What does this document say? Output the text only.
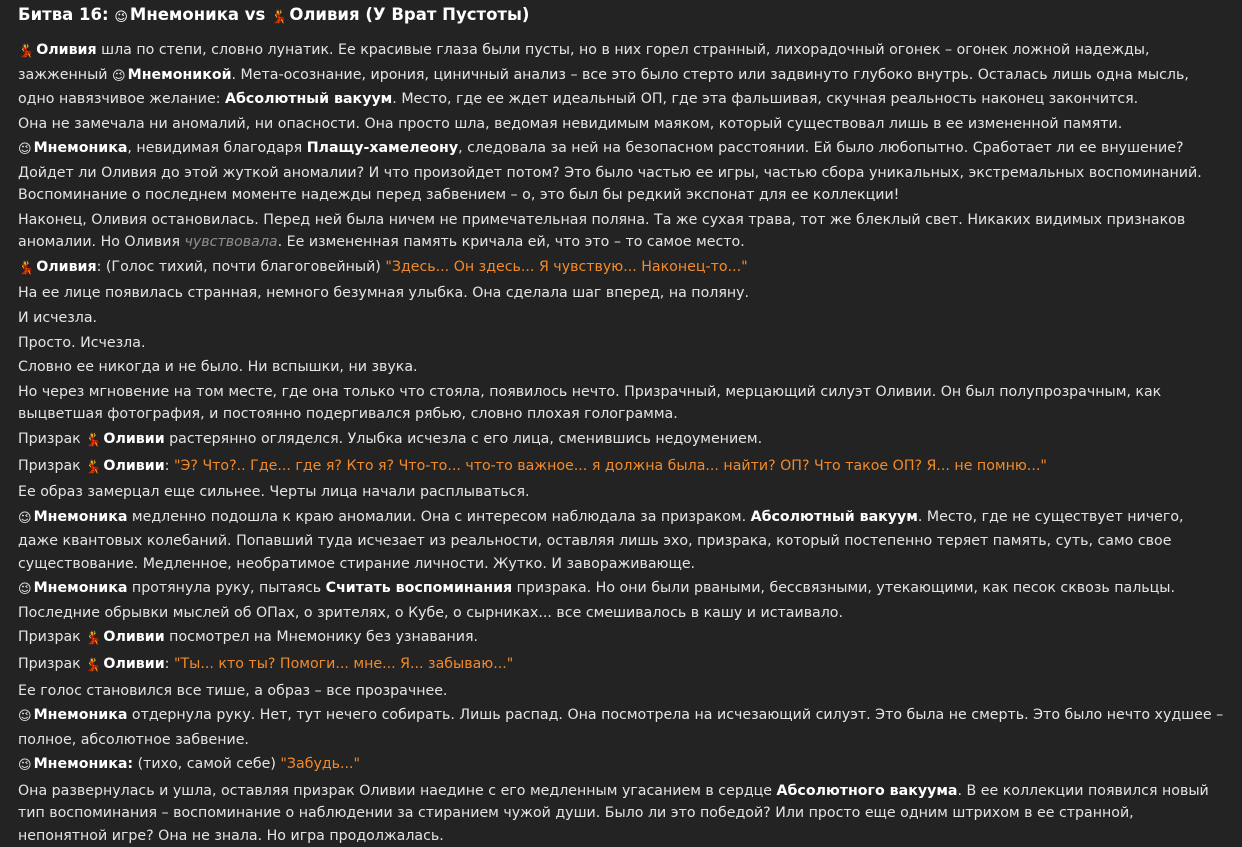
Битва 16: 😉 Мнемоника vs 💃 Оливия (У Врат Пустоты)
💃 Оливия шла по степи, словно лунатик. Ее красивые глаза были пусты, но в них горел странный, лихорадочный огонек – огонек ложной надежды, зажженный 😉 Мнемоникой. Мета-осознание, ирония, циничный анализ – все это было стерто или задвинуто глубоко внутрь. Осталась лишь одна мысль, одно навязчивое желание: Абсолютный вакуум. Место, где ее ждет идеальный ОП, где эта фальшивая, скучная реальность наконец закончится.
Она не замечала ни аномалий, ни опасности. Она просто шла, ведомая невидимым маяком, который существовал лишь в ее измененной памяти.
😉 Мнемоника, невидимая благодаря Плащу-хамелеону, следовала за ней на безопасном расстоянии. Ей было любопытно. Сработает ли ее внушение? Дойдет ли Оливия до этой жуткой аномалии? И что произойдет потом? Это было частью ее игры, частью сбора уникальных, экстремальных воспоминаний. Воспоминание о последнем моменте надежды перед забвением – о, это был бы редкий экспонат для ее коллекции!
Наконец, Оливия остановилась. Перед ней была ничем не примечательная поляна. Та же сухая трава, тот же блеклый свет. Никаких видимых признаков аномалии. Но Оливия чувствовала. Ее измененная память кричала ей, что это – то самое место.
💃 Оливия: (Голос тихий, почти благоговейный) "Здесь... Он здесь... Я чувствую... Наконец-то..."
На ее лице появилась странная, немного безумная улыбка. Она сделала шаг вперед, на поляну.
И исчезла.
Просто. Исчезла.
Словно ее никогда и не было. Ни вспышки, ни звука.
Но через мгновение на том месте, где она только что стояла, появилось нечто. Призрачный, мерцающий силуэт Оливии. Он был полупрозрачным, как выцветшая фотография, и постоянно подергивался рябью, словно плохая голограмма.
Призрак 💃 Оливии растерянно огляделся. Улыбка исчезла с его лица, сменившись недоумением.
Призрак 💃 Оливии: "Э? Что?.. Где... где я? Кто я? Что-то... что-то важное... я должна была... найти? ОП? Что такое ОП? Я... не помню..."
Ее образ замерцал еще сильнее. Черты лица начали расплываться.
😉 Мнемоника медленно подошла к краю аномалии. Она с интересом наблюдала за призраком. Абсолютный вакуум. Место, где не существует ничего, даже квантовых колебаний. Попавший туда исчезает из реальности, оставляя лишь эхо, призрака, который постепенно теряет память, суть, само свое существование. Медленное, необратимое стирание личности. Жутко. И завораживающе.
😉 Мнемоника протянула руку, пытаясь Считать воспоминания призрака. Но они были рваными, бессвязными, утекающими, как песок сквозь пальцы. Последние обрывки мыслей об ОПах, о зрителях, о Кубе, о сырниках... все смешивалось в кашу и истаивало.
Призрак 💃 Оливии посмотрел на Мнемонику без узнавания.
Призрак 💃 Оливии: "Ты... кто ты? Помоги... мне... Я... забываю..."
Ее голос становился все тише, а образ – все прозрачнее.
😉 Мнемоника отдернула руку. Нет, тут нечего собирать. Лишь распад. Она посмотрела на исчезающий силуэт. Это была не смерть. Это было нечто худшее – полное, абсолютное забвение.
😉 Мнемоника: (тихо, самой себе) "Забудь..."
Она развернулась и ушла, оставляя призрак Оливии наедине с его медленным угасанием в сердце Абсолютного вакуума. В ее коллекции появился новый тип воспоминания – воспоминание о наблюдении за стиранием чужой души. Было ли это победой? Или просто еще одним штрихом в ее странной, непонятной игре? Она не знала. Но игра продолжалась.
